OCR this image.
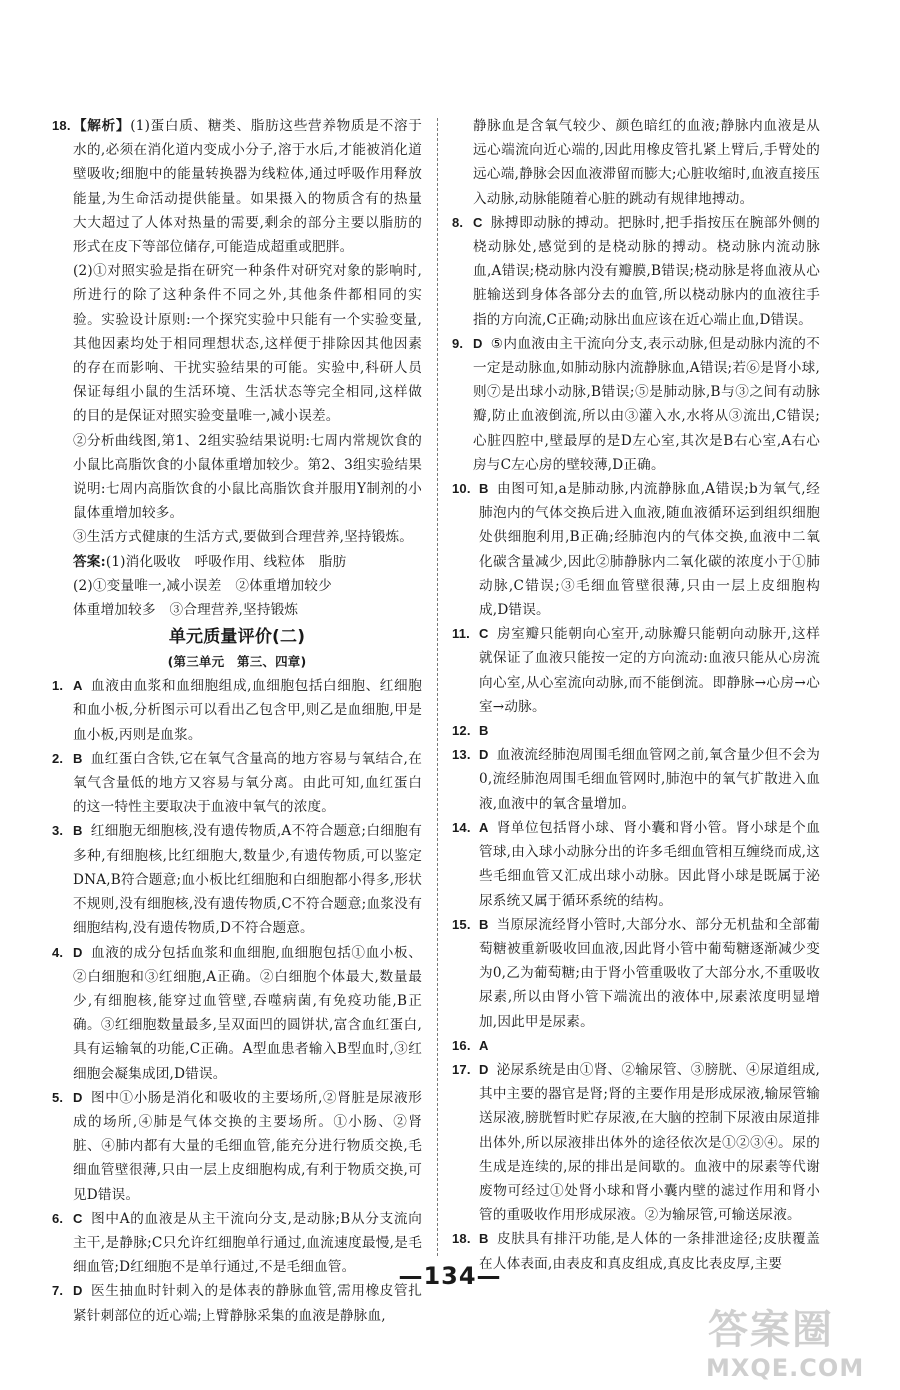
18. 【解析】(1)蛋白质、糖类、脂肪这些营养物质是不溶于水的,必须在消化道内变成小分子,溶于水后,才能被消化道壁吸收;细胞中的能量转换器为线粒体,通过呼吸作用释放能量,为生命活动提供能量。如果摄入的物质含有的热量大大超过了人体对热量的需要,剩余的部分主要以脂肪的形式在皮下等部位储存,可能造成超重或肥胖。

(2)①对照实验是指在研究一种条件对研究对象的影响时,所进行的除了这种条件不同之外,其他条件都相同的实验。实验设计原则:一个探究实验中只能有一个实验变量,其他因素均处于相同理想状态,这样便于排除因其他因素的存在而影响、干扰实验结果的可能。实验中,科研人员保证每组小鼠的生活环境、生活状态等完全相同,这样做的目的是保证对照实验变量唯一,减小误差。

②分析曲线图,第1、2组实验结果说明:七周内常规饮食的小鼠比高脂饮食的小鼠体重增加较少。第2、3组实验结果说明:七周内高脂饮食的小鼠比高脂饮食并服用Y制剂的小鼠体重增加较多。

③生活方式健康的生活方式,要做到合理营养,坚持锻炼。

答案:(1)消化吸收　呼吸作用、线粒体　脂肪

(2)①变量唯一,减小误差　②体重增加较少

体重增加较多　③合理营养,坚持锻炼

单元质量评价(二)

(第三单元　第三、四章)

1. A 血液由血浆和血细胞组成,血细胞包括白细胞、红细胞和血小板,分析图示可以看出乙包含甲,则乙是血细胞,甲是血小板,丙则是血浆。
2. B 血红蛋白含铁,它在氧气含量高的地方容易与氧结合,在氧气含量低的地方又容易与氧分离。由此可知,血红蛋白的这一特性主要取决于血液中氧气的浓度。
3. B 红细胞无细胞核,没有遗传物质,A不符合题意;白细胞有多种,有细胞核,比红细胞大,数量少,有遗传物质,可以鉴定DNA,B符合题意;血小板比红细胞和白细胞都小得多,形状不规则,没有细胞核,没有遗传物质,C不符合题意;血浆没有细胞结构,没有遗传物质,D不符合题意。
4. D 血液的成分包括血浆和血细胞,血细胞包括①血小板、②白细胞和③红细胞,A正确。②白细胞个体最大,数量最少,有细胞核,能穿过血管壁,吞噬病菌,有免疫功能,B正确。③红细胞数量最多,呈双面凹的圆饼状,富含血红蛋白,具有运输氧的功能,C正确。A型血患者输入B型血时,③红细胞会凝集成团,D错误。
5. D 图中①小肠是消化和吸收的主要场所,②肾脏是尿液形成的场所,④肺是气体交换的主要场所。①小肠、②肾脏、④肺内都有大量的毛细血管,能充分进行物质交换,毛细血管壁很薄,只由一层上皮细胞构成,有利于物质交换,可见D错误。
6. C 图中A的血液是从主干流向分支,是动脉;B从分支流向主干,是静脉;C只允许红细胞单行通过,血流速度最慢,是毛细血管;D红细胞不是单行通过,不是毛细血管。
7. D 医生抽血时针刺入的是体表的静脉血管,需用橡皮管扎紧针刺部位的近心端;上臂静脉采集的血液是静脉血,

静脉血是含氧气较少、颜色暗红的血液;静脉内血液是从远心端流向近心端的,因此用橡皮管扎紧上臂后,手臂处的远心端,静脉会因血液滞留而膨大;心脏收缩时,血液直接压入动脉,动脉能随着心脏的跳动有规律地搏动。

8. C 脉搏即动脉的搏动。把脉时,把手指按压在腕部外侧的桡动脉处,感觉到的是桡动脉的搏动。桡动脉内流动脉血,A错误;桡动脉内没有瓣膜,B错误;桡动脉是将血液从心脏输送到身体各部分去的血管,所以桡动脉内的血液往手指的方向流,C正确;动脉出血应该在近心端止血,D错误。
9. D ⑤内血液由主干流向分支,表示动脉,但是动脉内流的不一定是动脉血,如肺动脉内流静脉血,A错误;若⑥是肾小球,则⑦是出球小动脉,B错误;⑤是肺动脉,B与③之间有动脉瓣,防止血液倒流,所以由③灌入水,水将从③流出,C错误;心脏四腔中,壁最厚的是D左心室,其次是B右心室,A右心房与C左心房的壁较薄,D正确。
10. B 由图可知,a是肺动脉,内流静脉血,A错误;b为氧气,经肺泡内的气体交换后进入血液,随血液循环运到组织细胞处供细胞利用,B正确;经肺泡内的气体交换,血液中二氧化碳含量减少,因此②肺静脉内二氧化碳的浓度小于①肺动脉,C错误;③毛细血管壁很薄,只由一层上皮细胞构成,D错误。
11. C 房室瓣只能朝向心室开,动脉瓣只能朝向动脉开,这样就保证了血液只能按一定的方向流动:血液只能从心房流向心室,从心室流向动脉,而不能倒流。即静脉→心房→心室→动脉。
12. B
13. D 血液流经肺泡周围毛细血管网之前,氧含量少但不会为0,流经肺泡周围毛细血管网时,肺泡中的氧气扩散进入血液,血液中的氧含量增加。
14. A 肾单位包括肾小球、肾小囊和肾小管。肾小球是个血管球,由入球小动脉分出的许多毛细血管相互缠绕而成,这些毛细血管又汇成出球小动脉。因此肾小球是既属于泌尿系统又属于循环系统的结构。
15. B 当原尿流经肾小管时,大部分水、部分无机盐和全部葡萄糖被重新吸收回血液,因此肾小管中葡萄糖逐渐减少变为0,乙为葡萄糖;由于肾小管重吸收了大部分水,不重吸收尿素,所以由肾小管下端流出的液体中,尿素浓度明显增加,因此甲是尿素。
16. A
17. D 泌尿系统是由①肾、②输尿管、③膀胱、④尿道组成,其中主要的器官是肾;肾的主要作用是形成尿液,输尿管输送尿液,膀胱暂时贮存尿液,在大脑的控制下尿液由尿道排出体外,所以尿液排出体外的途径依次是①②③④。尿的生成是连续的,尿的排出是间歇的。血液中的尿素等代谢废物可经过①处肾小球和肾小囊内壁的滤过作用和肾小管的重吸收作用形成尿液。②为输尿管,可输送尿液。
18. B 皮肤具有排汗功能,是人体的一条排泄途径;皮肤覆盖在人体表面,由表皮和真皮组成,真皮比表皮厚,主要
—134—
答案圈
MXQE.COM
